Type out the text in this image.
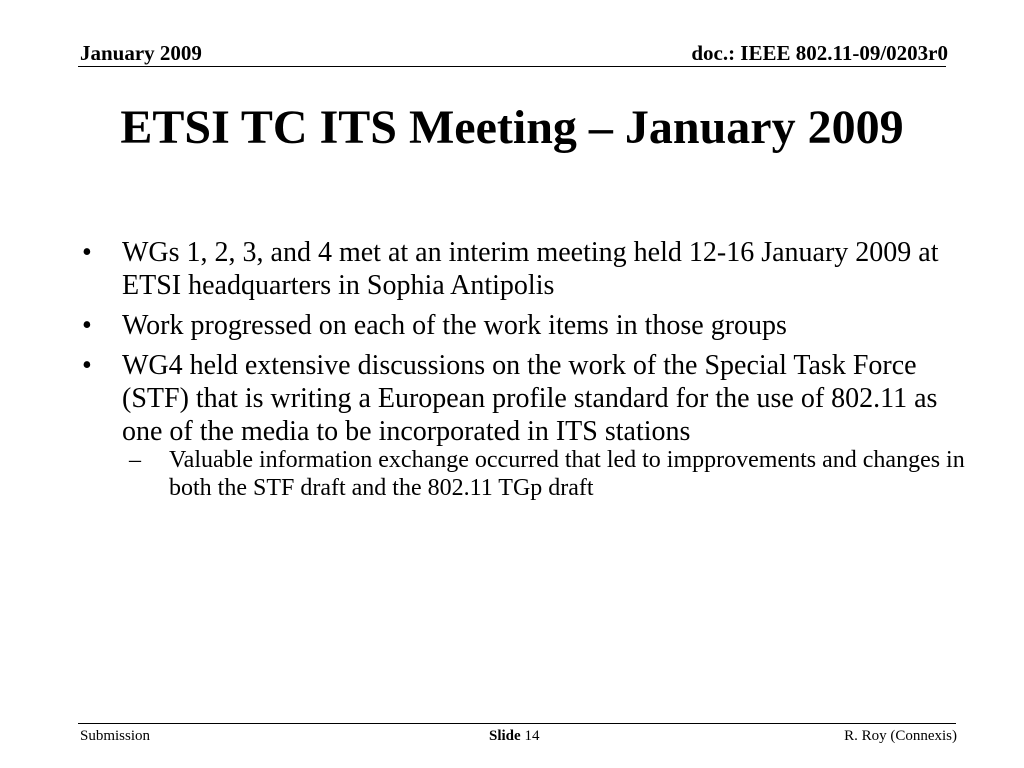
January 2009	doc.: IEEE 802.11-09/0203r0
ETSI TC ITS Meeting – January 2009
• WGs 1, 2, 3, and 4 met at an interim meeting held 12-16 January 2009 at ETSI headquarters in Sophia Antipolis
• Work progressed on each of the work items in those groups
• WG4 held extensive discussions on the work of the Special Task Force (STF) that is writing a European profile standard for the use of 802.11 as one of the media to be incorporated in ITS stations
– Valuable information exchange occurred that led to impprovements and changes in both the STF draft and the 802.11 TGp draft
Submission	Slide 14	R. Roy (Connexis)
